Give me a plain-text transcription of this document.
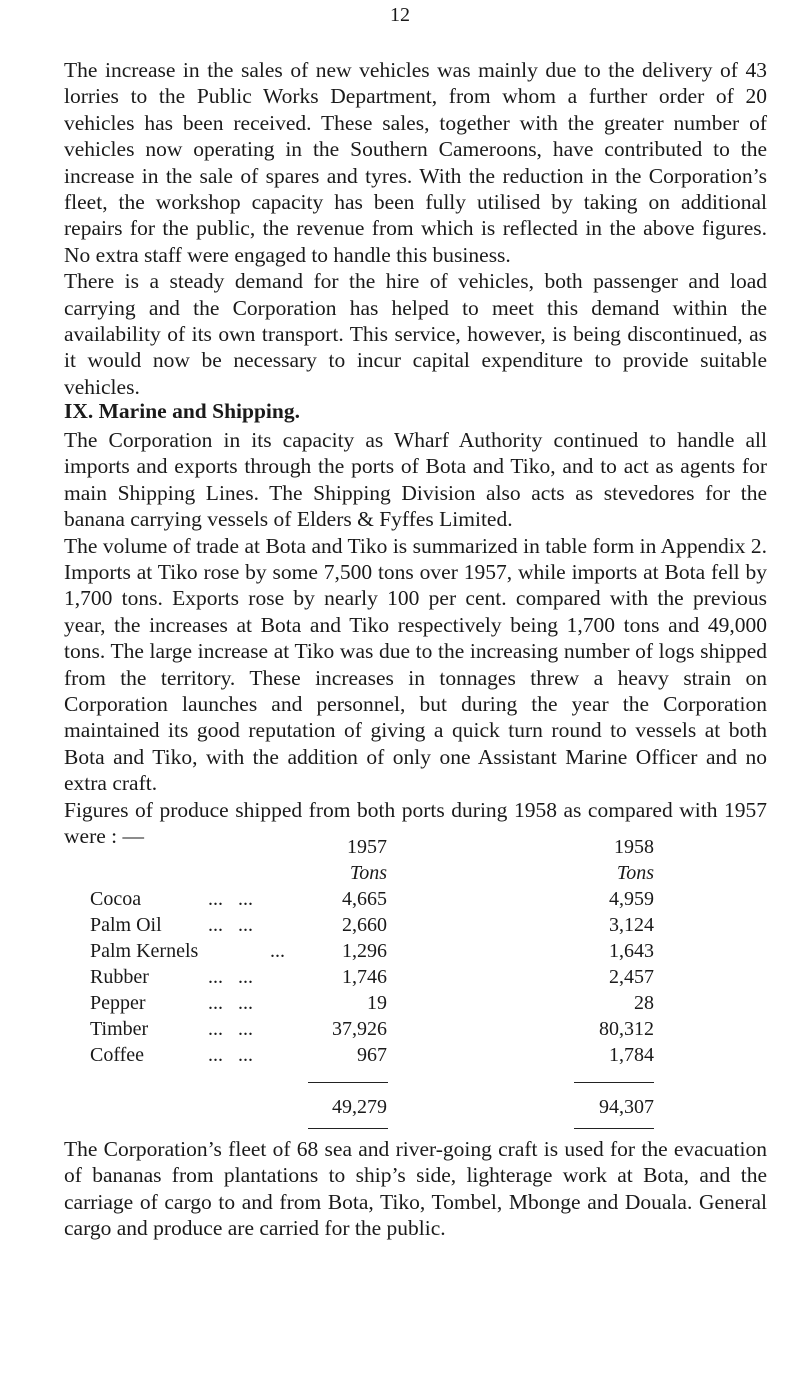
12

The increase in the sales of new vehicles was mainly due to the delivery of 43 lorries to the Public Works Department, from whom a further order of 20 vehicles has been received. These sales, together with the greater number of vehicles now operating in the Southern Cameroons, have contributed to the increase in the sale of spares and tyres. With the reduction in the Corporation’s fleet, the workshop capacity has been fully utilised by taking on additional repairs for the public, the revenue from which is reflected in the above figures. No extra staff were engaged to handle this business.

There is a steady demand for the hire of vehicles, both passenger and load carrying and the Corporation has helped to meet this demand within the availability of its own transport. This service, however, is being discontinued, as it would now be necessary to incur capital expenditure to provide suitable vehicles.

IX. Marine and Shipping.

The Corporation in its capacity as Wharf Authority continued to handle all imports and exports through the ports of Bota and Tiko, and to act as agents for main Shipping Lines. The Shipping Division also acts as stevedores for the banana carrying vessels of Elders & Fyffes Limited.

The volume of trade at Bota and Tiko is summarized in table form in Appendix 2. Imports at Tiko rose by some 7,500 tons over 1957, while imports at Bota fell by 1,700 tons. Exports rose by nearly 100 per cent. compared with the previous year, the increases at Bota and Tiko respectively being 1,700 tons and 49,000 tons. The large increase at Tiko was due to the increasing number of logs shipped from the territory. These increases in tonnages threw a heavy strain on Corporation launches and personnel, but during the year the Corporation maintained its good reputation of giving a quick turn round to vessels at both Bota and Tiko, with the addition of only one Assistant Marine Officer and no extra craft.

Figures of produce shipped from both ports during 1958 as compared with 1957 were : —	1957	1958
Tons	Tons
Cocoa	...   ...	4,665	4,959
Palm Oil ...   ...	2,660	3,124
Palm Kernels	...	1,296	1,643
Rubber	...   ...	1,746	2,457
Pepper	...   ...	19	28
Timber	...   ...	37,926	80,312
Coffee	...   ...	967	1,784
49,279	94,307

The Corporation’s fleet of 68 sea and river-going craft is used for the evacuation of bananas from plantations to ship’s side, lighterage work at Bota, and the carriage of cargo to and from Bota, Tiko, Tombel, Mbonge and Douala. General cargo and produce are carried for the public.
